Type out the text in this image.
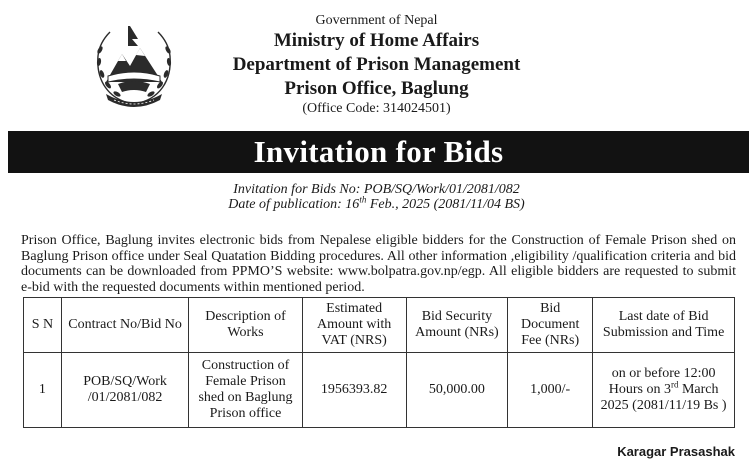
Government of Nepal
Ministry of Home Affairs
Department of Prison Management
Prison Office, Baglung
(Office Code: 314024501)
Invitation for Bids
Invitation for Bids No: POB/SQ/Work/01/2081/082
Date of publication: 16th Feb., 2025 (2081/11/04 BS)

Prison Office, Baglung invites electronic bids from Nepalese eligible bidders for the Construction of Female Prison shed on Baglung Prison office under Seal Quatation Bidding procedures. All other information ,eligibility /qualification criteria and bid documents can be downloaded from PPMO’S website: www.bolpatra.gov.np/egp. All eligible bidders are requested to submit e-bid with the requested documents within mentioned period.

S N	Contract No/Bid No	Description of Works	Estimated Amount with VAT (NRS)	Bid Security Amount (NRs)	Bid Document Fee (NRs)	Last date of Bid Submission and Time
1	POB/SQ/Work /01/2081/082	Construction of Female Prison shed on Baglung Prison office	1956393.82	50,000.00	1,000/-	on or before 12:00 Hours on 3rd March 2025 (2081/11/19 Bs )
Karagar Prasashak
